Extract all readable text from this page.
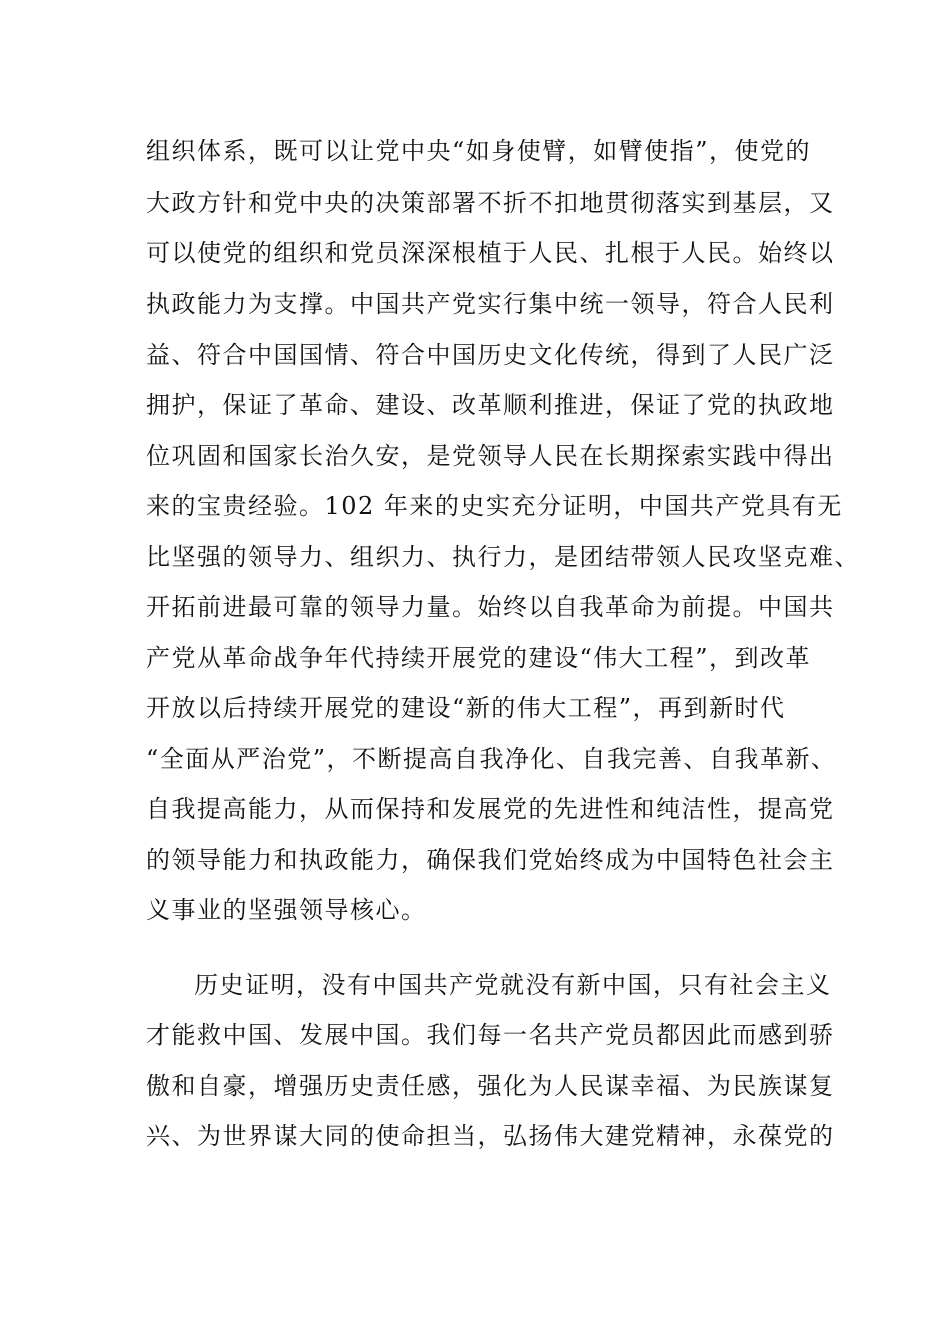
组织体系，既可以让党中央“如身使臂，如臂使指”，使党的
大政方针和党中央的决策部署不折不扣地贯彻落实到基层，又
可以使党的组织和党员深深根植于人民、扎根于人民。始终以
执政能力为支撑。中国共产党实行集中统一领导，符合人民利
益、符合中国国情、符合中国历史文化传统，得到了人民广泛
拥护，保证了革命、建设、改革顺利推进，保证了党的执政地
位巩固和国家长治久安，是党领导人民在长期探索实践中得出
来的宝贵经验。102 年来的史实充分证明，中国共产党具有无
比坚强的领导力、组织力、执行力，是团结带领人民攻坚克难、
开拓前进最可靠的领导力量。始终以自我革命为前提。中国共
产党从革命战争年代持续开展党的建设“伟大工程”，到改革
开放以后持续开展党的建设“新的伟大工程”，再到新时代
“全面从严治党”，不断提高自我净化、自我完善、自我革新、
自我提高能力，从而保持和发展党的先进性和纯洁性，提高党
的领导能力和执政能力，确保我们党始终成为中国特色社会主
义事业的坚强领导核心。
历史证明，没有中国共产党就没有新中国，只有社会主义
才能救中国、发展中国。我们每一名共产党员都因此而感到骄
傲和自豪，增强历史责任感，强化为人民谋幸福、为民族谋复
兴、为世界谋大同的使命担当，弘扬伟大建党精神，永葆党的
